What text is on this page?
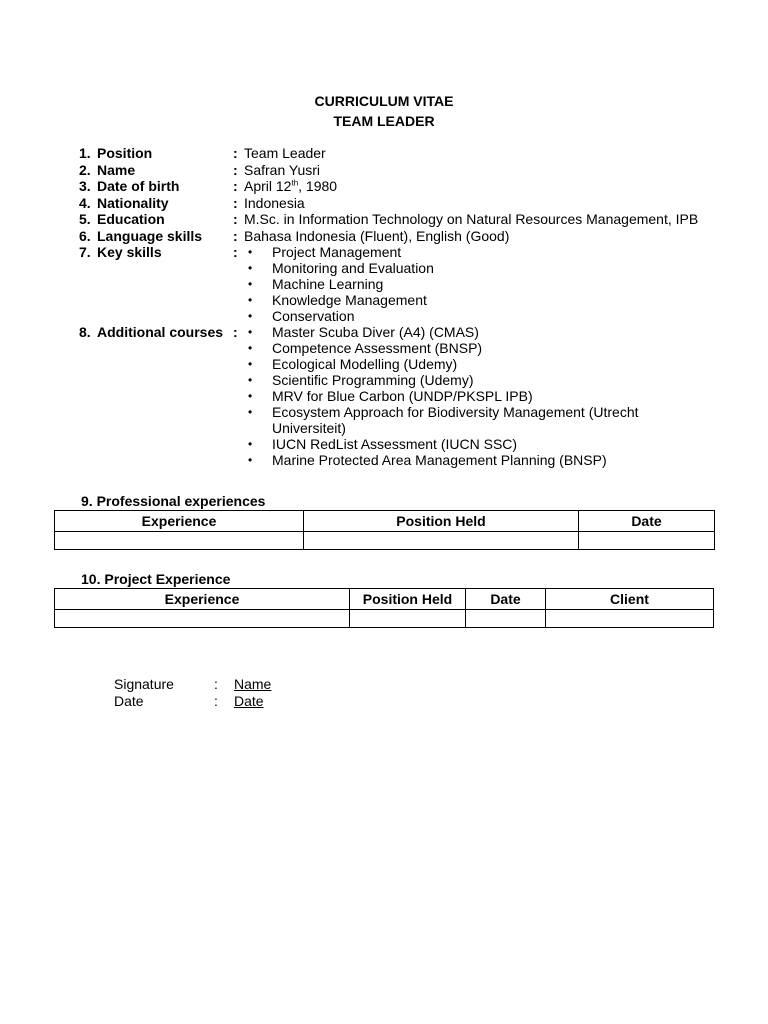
CURRICULUM VITAE
TEAM LEADER
1. Position	: Team Leader
2. Name	: Safran Yusri
3. Date of birth	: April 12th, 1980
4. Nationality	: Indonesia
5. Education	: M.Sc. in Information Technology on Natural Resources Management, IPB
6. Language skills	: Bahasa Indonesia (Fluent), English (Good)
7. Key skills	: •	Project Management
•	Monitoring and Evaluation
•	Machine Learning
•	Knowledge Management
•	Conservation
8. Additional courses : •	Master Scuba Diver (A4) (CMAS)
•	Competence Assessment (BNSP)
•	Ecological Modelling (Udemy)
•	Scientific Programming (Udemy)
•	MRV for Blue Carbon (UNDP/PKSPL IPB)
•	Ecosystem Approach for Biodiversity Management (Utrecht Universiteit)
•	IUCN RedList Assessment (IUCN SSC)
•	Marine Protected Area Management Planning (BNSP)
9. Professional experiences
Experience	Position Held	Date

10. Project Experience
Experience	Position Held	Date	Client

Signature	:	Name
Date	:	Date
